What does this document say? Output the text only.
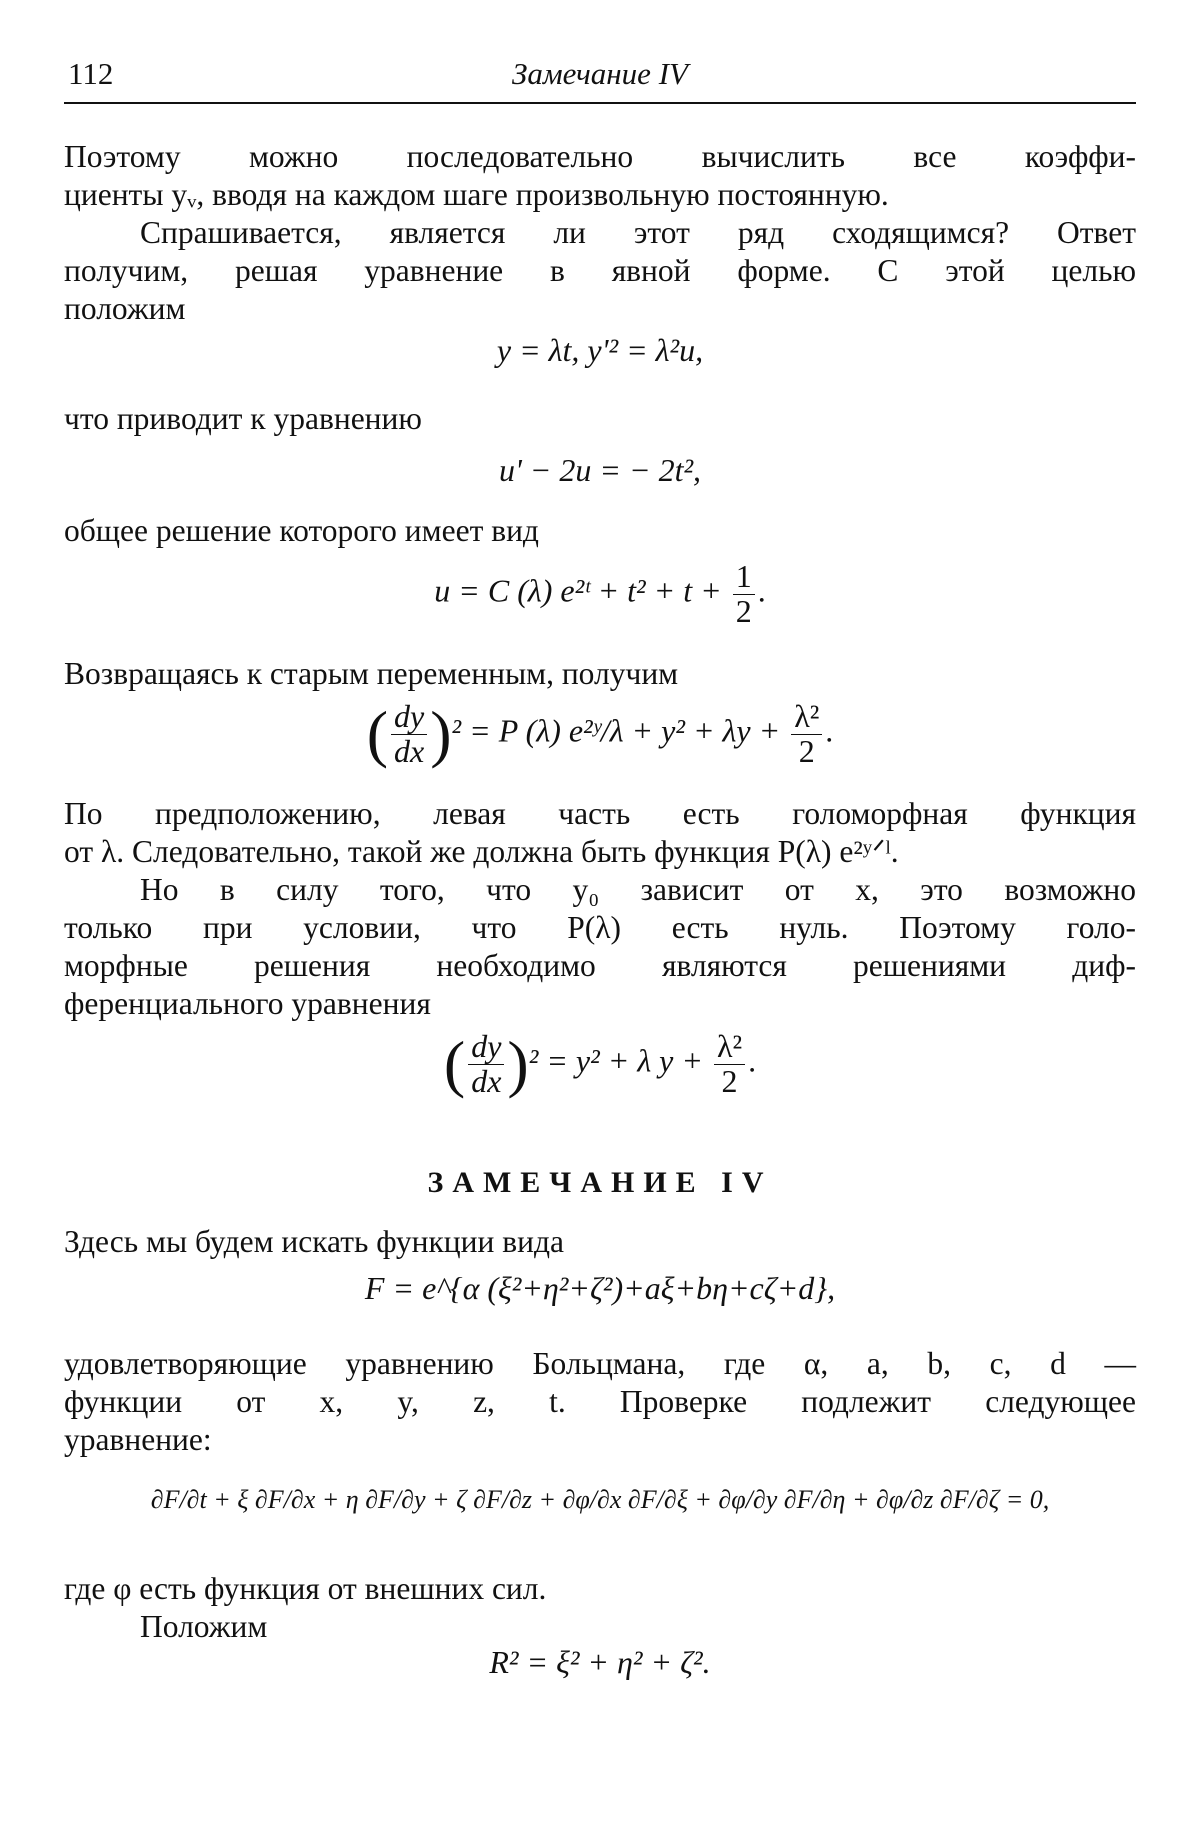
112	Замечание IV
Поэтому можно последовательно вычислить все коэффи-
циенты yᵥ, вводя на каждом шаге произвольную постоянную.
Спрашивается, является ли этот ряд сходящимся? Ответ
получим, решая уравнение в явной форме. С этой целью
положим
y = λt, y'² = λ²u,
что приводит к уравнению
u' − 2u = − 2t²,
общее решение которого имеет вид
u = C (λ) e²ᵗ + $t^2 + t + \frac{1}{2}$ .
Возвращаясь к старым переменным, получим
( $\frac{dy}{dx} )^2 = P$ (λ) e²ʸ/λ + $y^2 + \lambda y + \frac{\text{λ²}}{2}$ .
По предположению, левая часть есть голоморфная функция
от λ. Следовательно, такой же должна быть функция P(λ) e²ʸᐟˡ.
Но в силу того, что y₀ зависит от x, это возможно
только при условии, что P(λ) есть нуль. Поэтому голо-
морфные решения необходимо являются решениями диф-
ференциального уравнения
( $\frac{dy}{dx} )^2 = y^2 + \lambda$ $y + \frac{\text{λ²}}{2}$ .
ЗАМЕЧАНИЕ IV
Здесь мы будем искать функции вида
F = e^{α (ξ²+η²+ζ²)+aξ+bη+cζ+d},
удовлетворяющие уравнению Больцмана, где α, a, b, c, d —
функции от x, y, z, t. Проверке подлежит следующее
уравнение:
∂F/∂t + ξ ∂F/∂x + η ∂F/∂y + ζ ∂F/∂z + ∂φ/∂x ∂F/∂ξ + ∂φ/∂y ∂F/∂η + ∂φ/∂z ∂F/∂ζ = 0,
где φ есть функция от внешних сил.
Положим
R² = ξ² + η² + ζ².
